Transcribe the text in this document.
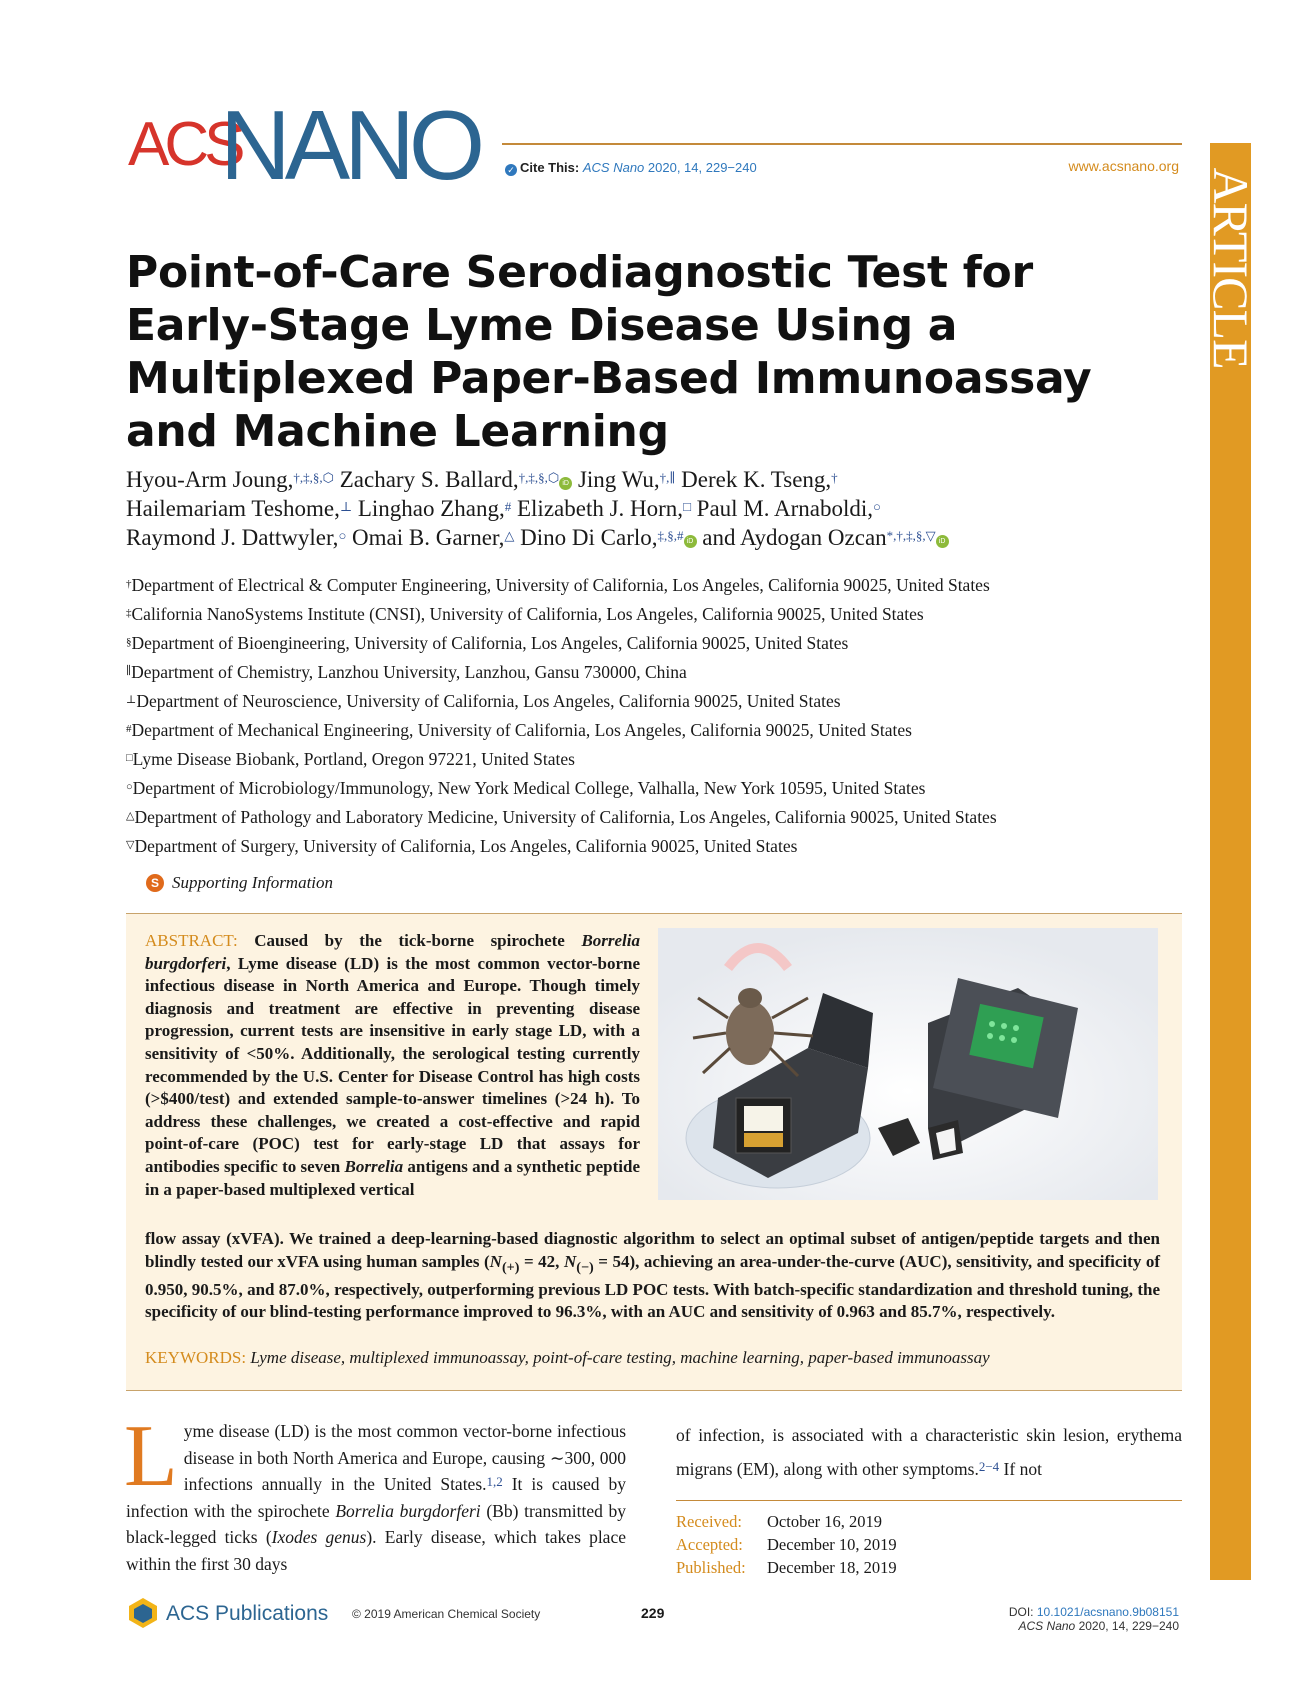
ACS
NANO	✓ Cite This: ACS Nano 2020, 14, 229−240	www.acsnano.org
ARTICLE
Point-of-Care Serodiagnostic Test for Early-Stage Lyme Disease Using a Multiplexed Paper-Based Immunoassay and Machine Learning
Hyou-Arm Joung,†,‡,§,⬡ Zachary S. Ballard,†,‡,§,⬡ iD Jing Wu,†,∥ Derek K. Tseng,†
Hailemariam Teshome,⊥ Linghao Zhang,# Elizabeth J. Horn,□ Paul M. Arnaboldi,○
Raymond J. Dattwyler,○ Omai B. Garner,△ Dino Di Carlo,‡,§,# iD and Aydogan Ozcan*,†,‡,§,▽ iD
†Department of Electrical & Computer Engineering, University of California, Los Angeles, California 90025, United States
‡California NanoSystems Institute (CNSI), University of California, Los Angeles, California 90025, United States
§Department of Bioengineering, University of California, Los Angeles, California 90025, United States
∥Department of Chemistry, Lanzhou University, Lanzhou, Gansu 730000, China
⊥Department of Neuroscience, University of California, Los Angeles, California 90025, United States
#Department of Mechanical Engineering, University of California, Los Angeles, California 90025, United States
□Lyme Disease Biobank, Portland, Oregon 97221, United States
○Department of Microbiology/Immunology, New York Medical College, Valhalla, New York 10595, United States
△Department of Pathology and Laboratory Medicine, University of California, Los Angeles, California 90025, United States
▽Department of Surgery, University of California, Los Angeles, California 90025, United States
S Supporting Information
ABSTRACT: Caused by the tick-borne spirochete Borrelia burgdorferi, Lyme disease (LD) is the most common vector-borne infectious disease in North America and Europe. Though timely diagnosis and treatment are effective in preventing disease progression, current tests are insensitive in early stage LD, with a sensitivity of <50%. Additionally, the serological testing currently recommended by the U.S. Center for Disease Control has high costs (>$400/test) and extended sample-to-answer timelines (>24 h). To address these challenges, we created a cost-effective and rapid point-of-care (POC) test for early-stage LD that assays for antibodies specific to seven Borrelia antigens and a synthetic peptide in a paper-based multiplexed vertical
flow assay (xVFA). We trained a deep-learning-based diagnostic algorithm to select an optimal subset of antigen/peptide targets and then blindly tested our xVFA using human samples ($N_{(+)} = 42$, $N_{(-)} = 54$), achieving an area-under-the-curve (AUC), sensitivity, and specificity of 0.950, 90.5%, and 87.0%, respectively, outperforming previous LD POC tests. With batch-specific standardization and threshold tuning, the specificity of our blind-testing performance improved to 96.3%, with an AUC and sensitivity of 0.963 and 85.7%, respectively.
KEYWORDS: Lyme disease, multiplexed immunoassay, point-of-care testing, machine learning, paper-based immunoassay
Lyme disease (LD) is the most common vector-borne infectious disease in both North America and Europe, causing ∼300, 000 infections annually in the United States.$^{1,2}$ It is caused by infection with the spirochete Borrelia burgdorferi (Bb) transmitted by black-legged ticks (Ixodes genus). Early disease, which takes place within the first 30 days
of infection, is associated with a characteristic skin lesion, erythema migrans (EM), along with other symptoms.$^{2-4}$ If not
Received: October 16, 2019
Accepted: December 10, 2019
Published: December 18, 2019
ACS Publications © 2019 American Chemical Society	229	DOI: 10.1021/acsnano.9b08151
ACS Nano 2020, 14, 229−240
